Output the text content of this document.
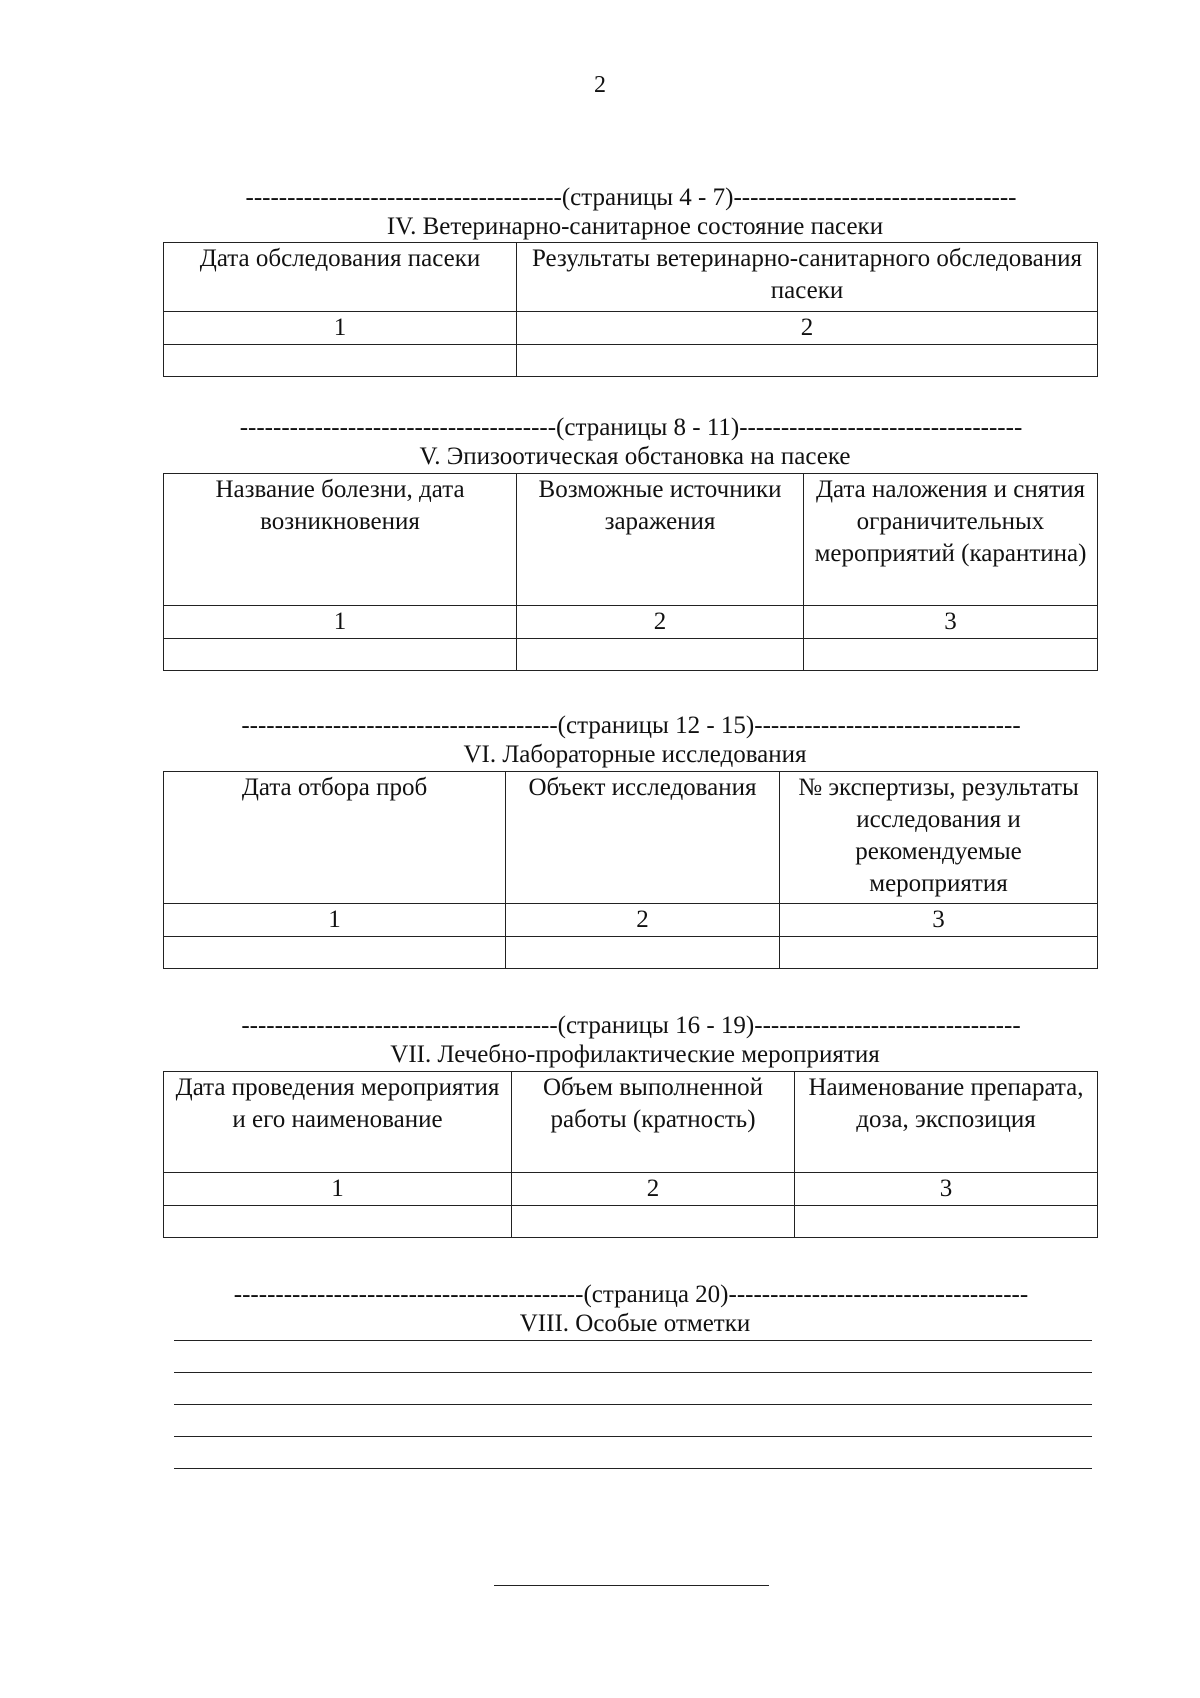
2
--------------------------------------(страницы 4 - 7)----------------------------------
IV. Ветеринарно-санитарное состояние пасеки
Дата обследования пасеки	Результаты ветеринарно-санитарного обследования пасеки
1	2

--------------------------------------(страницы 8 - 11)----------------------------------
V. Эпизоотическая обстановка на пасеке
Название болезни, дата возникновения	Возможные источники заражения	Дата наложения и снятия ограничительных мероприятий (карантина)
1	2	3

--------------------------------------(страницы 12 - 15)--------------------------------
VI. Лабораторные исследования
Дата отбора проб	Объект исследования	№ экспертизы, результаты исследования и рекомендуемые мероприятия
1	2	3

--------------------------------------(страницы 16 - 19)--------------------------------
VII. Лечебно-профилактические мероприятия
Дата проведения мероприятия и его наименование	Объем выполненной работы (кратность)	Наименование препарата, доза, экспозиция
1	2	3

------------------------------------------(страница 20)------------------------------------
VIII. Особые отметки
